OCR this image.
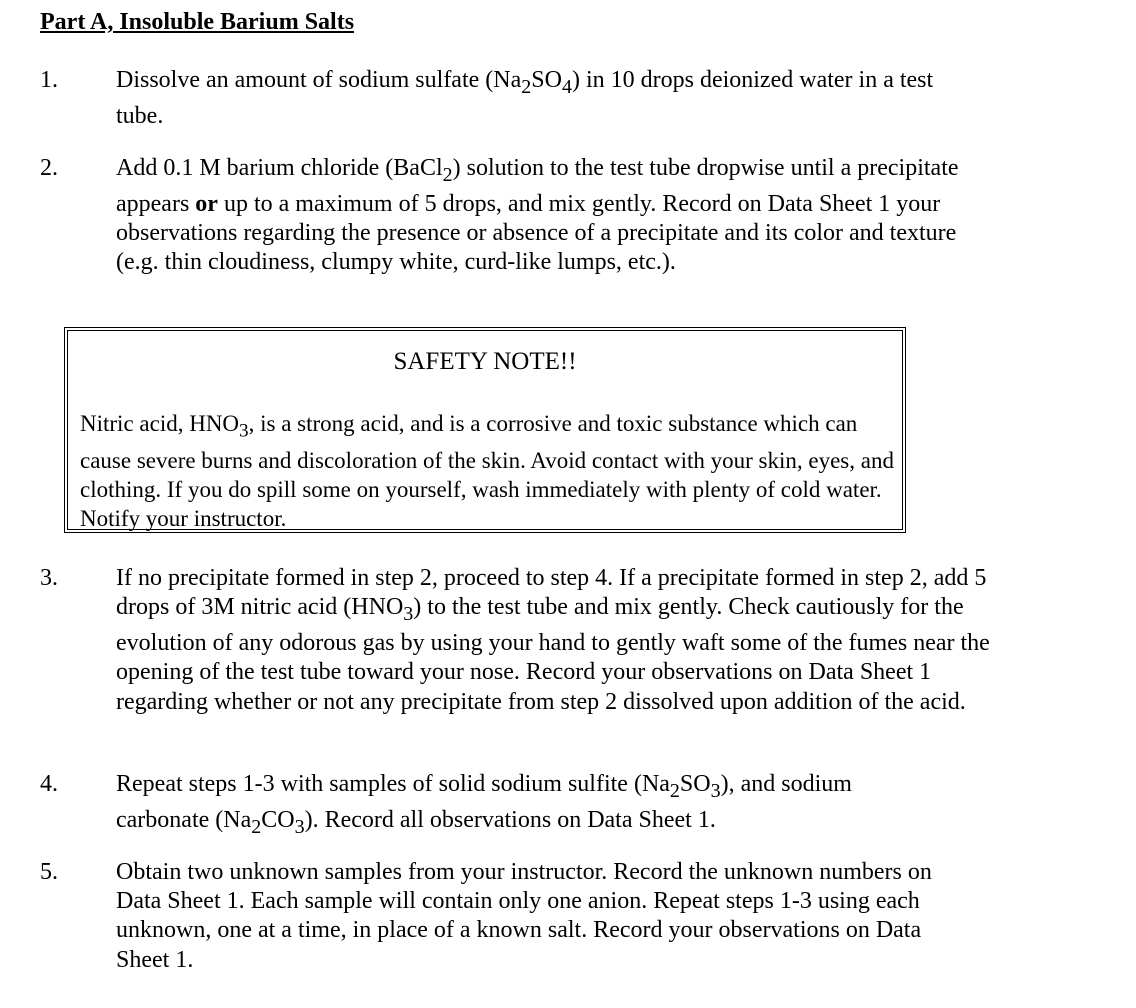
Part A, Insoluble Barium Salts
1. Dissolve an amount of sodium sulfate $(Na_2SO_4)$ in 10 drops deionized water in a test tube.
2. Add 0.1 M barium chloride (BaCl$_2$) solution to the test tube dropwise until a precipitate appears or up to a maximum of 5 drops, and mix gently. Record on Data Sheet 1 your observations regarding the presence or absence of a precipitate and its color and texture (e.g. thin cloudiness, clumpy white, curd-like lumps, etc.).
SAFETY NOTE!!
Nitric acid, $HNO_3$, is a strong acid, and is a corrosive and toxic substance which can cause severe burns and discoloration of the skin. Avoid contact with your skin, eyes, and clothing. If you do spill some on yourself, wash immediately with plenty of cold water. Notify your instructor.
3. If no precipitate formed in step 2, proceed to step 4. If a precipitate formed in step 2, add 5 drops of 3M nitric acid $(HNO_3)$ to the test tube and mix gently. Check cautiously for the evolution of any odorous gas by using your hand to gently waft some of the fumes near the opening of the test tube toward your nose. Record your observations on Data Sheet 1 regarding whether or not any precipitate from step 2 dissolved upon addition of the acid.
4. Repeat steps 1-3 with samples of solid sodium sulfite $(Na_2SO_3)$, and sodium carbonate $(Na_2CO_3)$. Record all observations on Data Sheet 1.
5. Obtain two unknown samples from your instructor. Record the unknown numbers on Data Sheet 1. Each sample will contain only one anion. Repeat steps 1-3 using each unknown, one at a time, in place of a known salt. Record your observations on Data Sheet 1.
